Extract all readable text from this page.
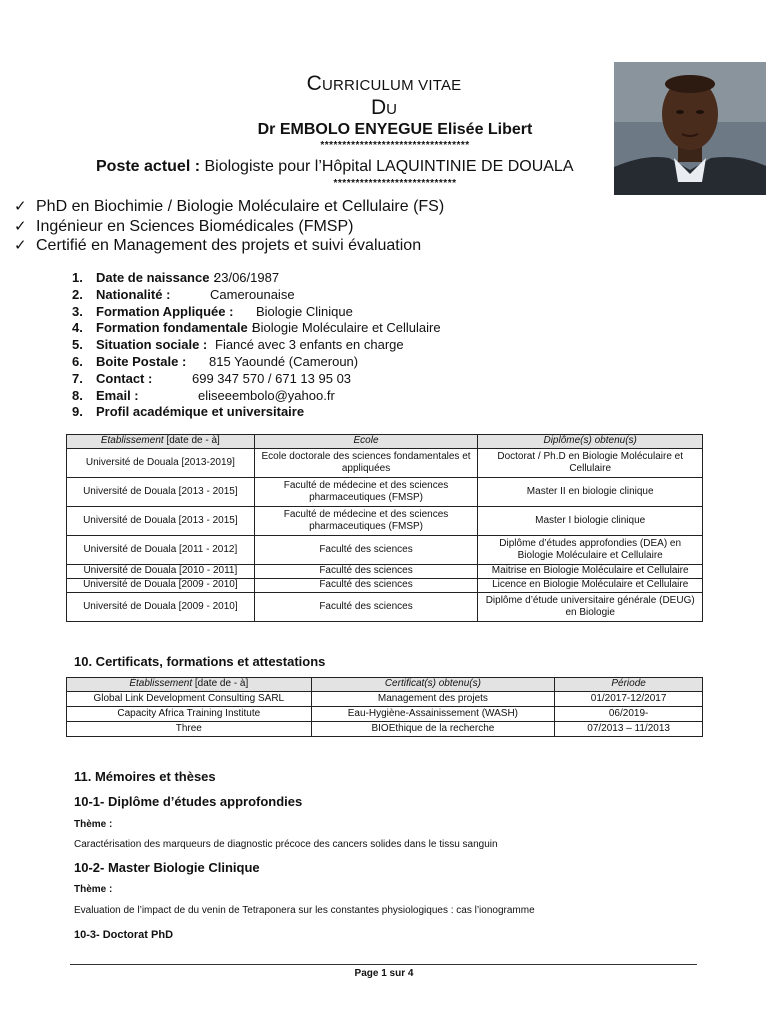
CURRICULUM VITAE
DU
Dr EMBOLO ENYEGUE Elisée Libert
**********************************
Poste actuel : Biologiste pour l’Hôpital LAQUINTINIE DE DOUALA
****************************
✓ PhD en Biochimie / Biologie Moléculaire et Cellulaire (FS)
✓ Ingénieur en Sciences Biomédicales (FMSP)
✓ Certifié en Management des projets et suivi évaluation
1. Date de naissance :
23/06/1987
2. Nationalité :	Camerounaise
3. Formation Appliquée : Biologie Clinique
4. Formation fondamentale :
Biologie Moléculaire et Cellulaire
5. Situation sociale : Fiancé avec 3 enfants en charge
6. Boite Postale : 815 Yaoundé (Cameroun)
7. Contact :	699 347 570 / 671 13 95 03
8. Email :	eliseeembolo@yahoo.fr
9. Profil académique et universitaire
Établissement [date de - à]	Ecole	Diplôme(s) obtenu(s)
Université de Douala [2013-2019]	Ecole doctorale des sciences fondamentales et appliquées	Doctorat / Ph.D en Biologie Moléculaire et Cellulaire
Université de Douala [2013 - 2015]	Faculté de médecine et des sciences pharmaceutiques (FMSP)	Master II en biologie clinique
Université de Douala [2013 - 2015]	Faculté de médecine et des sciences pharmaceutiques (FMSP)	Master I biologie clinique
Université de Douala [2011 - 2012]	Faculté des sciences	Diplôme d’études approfondies (DEA) en Biologie Moléculaire et Cellulaire
Université de Douala [2010 - 2011]	Faculté des sciences	Maitrise en Biologie Moléculaire et Cellulaire
Université de Douala [2009 - 2010]	Faculté des sciences	Licence en Biologie Moléculaire et Cellulaire
Université de Douala [2009 - 2010]	Faculté des sciences	Diplôme d’étude universitaire générale (DEUG) en Biologie
10. Certificats, formations et attestations
Établissement [date de - à]	Certificat(s) obtenu(s)	Période
Global Link Development Consulting SARL	Management des projets	01/2017-12/2017
Capacity Africa Training Institute	Eau-Hygiène-Assainissement (WASH)	06/2019-
Three	BIOEthique de la recherche	07/2013 – 11/2013
11. Mémoires et thèses
10-1- Diplôme d’études approfondies
Thème :
Caractérisation des marqueurs de diagnostic précoce des cancers solides dans le tissu sanguin
10-2- Master Biologie Clinique
Thème :
Evaluation de l’impact de du venin de Tetraponera sur les constantes physiologiques : cas l’ionogramme
10-3- Doctorat PhD
Page 1 sur 4
